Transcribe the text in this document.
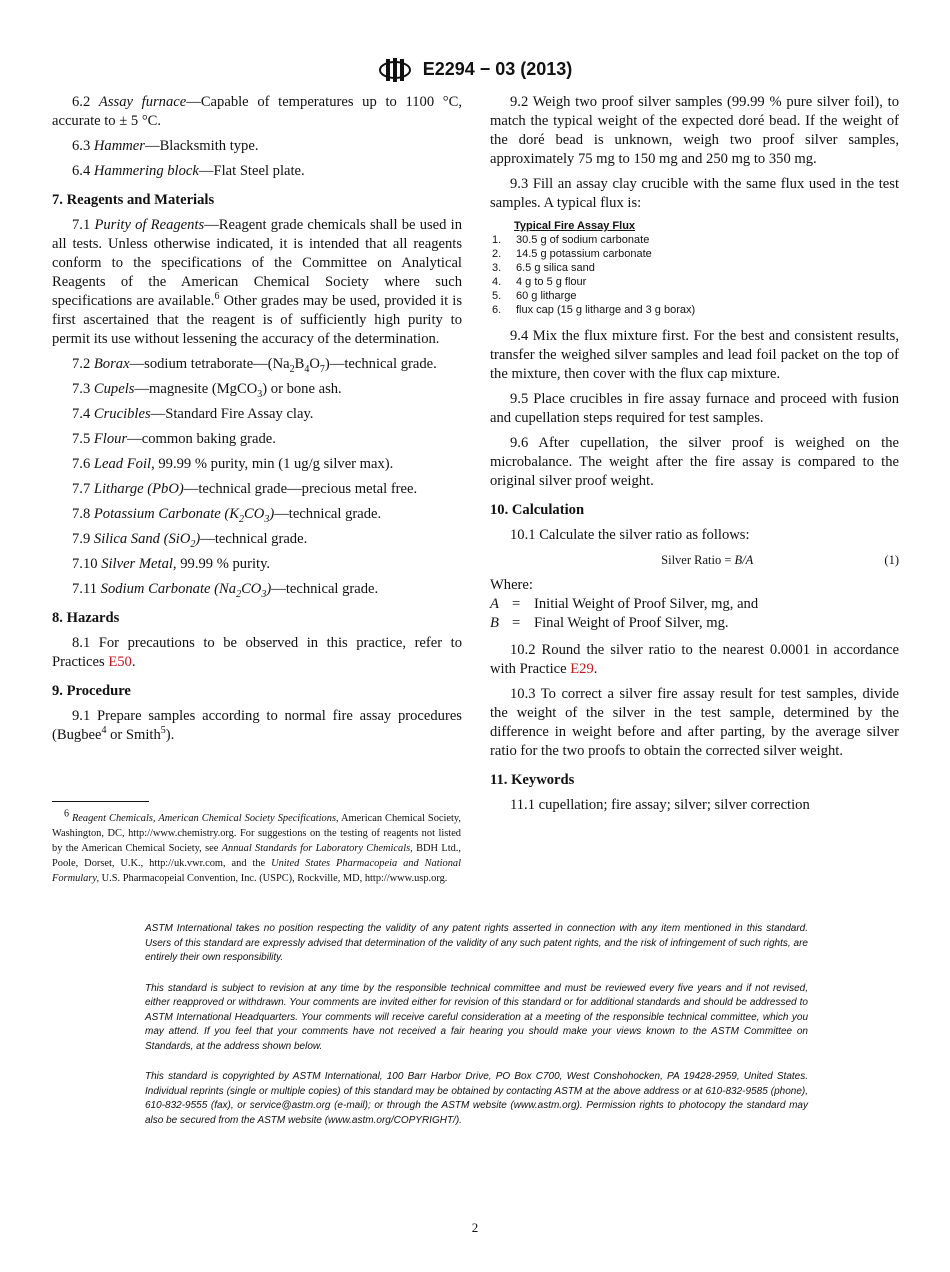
E2294 − 03 (2013)

6.2 Assay furnace—Capable of temperatures up to 1100 °C, accurate to ± 5 °C.

6.3 Hammer—Blacksmith type.

6.4 Hammering block—Flat Steel plate.

7. Reagents and Materials

7.1 Purity of Reagents—Reagent grade chemicals shall be used in all tests. Unless otherwise indicated, it is intended that all reagents conform to the specifications of the Committee on Analytical Reagents of the American Chemical Society where such specifications are available.$^6$ Other grades may be used, provided it is first ascertained that the reagent is of sufficiently high purity to permit its use without lessening the accuracy of the determination.

7.2 Borax—sodium $tetraborate—(Na_2B_4O_7)—technical$ grade.

7.3 Cupels—magnesite (MgCO$_3$) or bone ash.

7.4 Crucibles—Standard Fire Assay clay.

7.5 Flour—common baking grade.

7.6 Lead Foil, 99.99 % purity, min (1 ug/g silver max).

7.7 Litharge (PbO)—technical grade—precious metal free.

7.8 Potassium Carbonate $(K_2CO_3)—technical$ grade.

7.9 Silica Sand (SiO$_2$)—technical grade.

7.10 Silver Metal, 99.99 % purity.

7.11 Sodium Carbonate $(Na_2CO_3)—technical$ grade.

8. Hazards

8.1 For precautions to be observed in this practice, refer to Practices E50.

9. Procedure

9.1 Prepare samples according to normal fire assay procedures (Bugbee$^4$ or Smith$^5$).

9.2 Weigh two proof silver samples (99.99 % pure silver foil), to match the typical weight of the expected doré bead. If the weight of the doré bead is unknown, weigh two proof silver samples, approximately 75 mg to 150 mg and 250 mg to 350 mg.

9.3 Fill an assay clay crucible with the same flux used in the test samples. A typical flux is:

Typical Fire Assay Flux
1.	30.5 g of sodium carbonate
2.	14.5 g potassium carbonate
3.	6.5 g silica sand
4.	4 g to 5 g flour
5.	60 g litharge
6.	flux cap (15 g litharge and 3 g borax)

9.4 Mix the flux mixture first. For the best and consistent results, transfer the weighed silver samples and lead foil packet on the top of the mixture, then cover with the flux cap mixture.

9.5 Place crucibles in fire assay furnace and proceed with fusion and cupellation steps required for test samples.

9.6 After cupellation, the silver proof is weighed on the microbalance. The weight after the fire assay is compared to the original silver proof weight.

10. Calculation

10.1 Calculate the silver ratio as follows:

Silver Ratio = B/A	(1)
Where:
A = Initial Weight of Proof Silver, mg, and
B = Final Weight of Proof Silver, mg.

10.2 Round the silver ratio to the nearest 0.0001 in accordance with Practice E29.

10.3 To correct a silver fire assay result for test samples, divide the weight of the silver in the test sample, determined by the difference in weight before and after parting, by the average silver ratio for the two proofs to obtain the corrected silver weight.

11. Keywords

11.1 cupellation; fire assay; silver; silver correction

$^6$ Reagent Chemicals, American Chemical Society Specifications, American Chemical Society, Washington, DC, http://www.chemistry.org. For suggestions on the testing of reagents not listed by the American Chemical Society, see Annual Standards for Laboratory Chemicals, BDH Ltd., Poole, Dorset, U.K., http://uk.vwr.com, and the United States Pharmacopeia and National Formulary, U.S. Pharmacopeial Convention, Inc. (USPC), Rockville, MD, http://www.usp.org.

ASTM International takes no position respecting the validity of any patent rights asserted in connection with any item mentioned in this standard. Users of this standard are expressly advised that determination of the validity of any such patent rights, and the risk of infringement of such rights, are entirely their own responsibility.

This standard is subject to revision at any time by the responsible technical committee and must be reviewed every five years and if not revised, either reapproved or withdrawn. Your comments are invited either for revision of this standard or for additional standards and should be addressed to ASTM International Headquarters. Your comments will receive careful consideration at a meeting of the responsible technical committee, which you may attend. If you feel that your comments have not received a fair hearing you should make your views known to the ASTM Committee on Standards, at the address shown below.

This standard is copyrighted by ASTM International, 100 Barr Harbor Drive, PO Box C700, West Conshohocken, PA 19428-2959, United States. Individual reprints (single or multiple copies) of this standard may be obtained by contacting ASTM at the above address or at 610-832-9585 (phone), 610-832-9555 (fax), or service@astm.org (e-mail); or through the ASTM website (www.astm.org). Permission rights to photocopy the standard may also be secured from the ASTM website (www.astm.org/COPYRIGHT/).

2
